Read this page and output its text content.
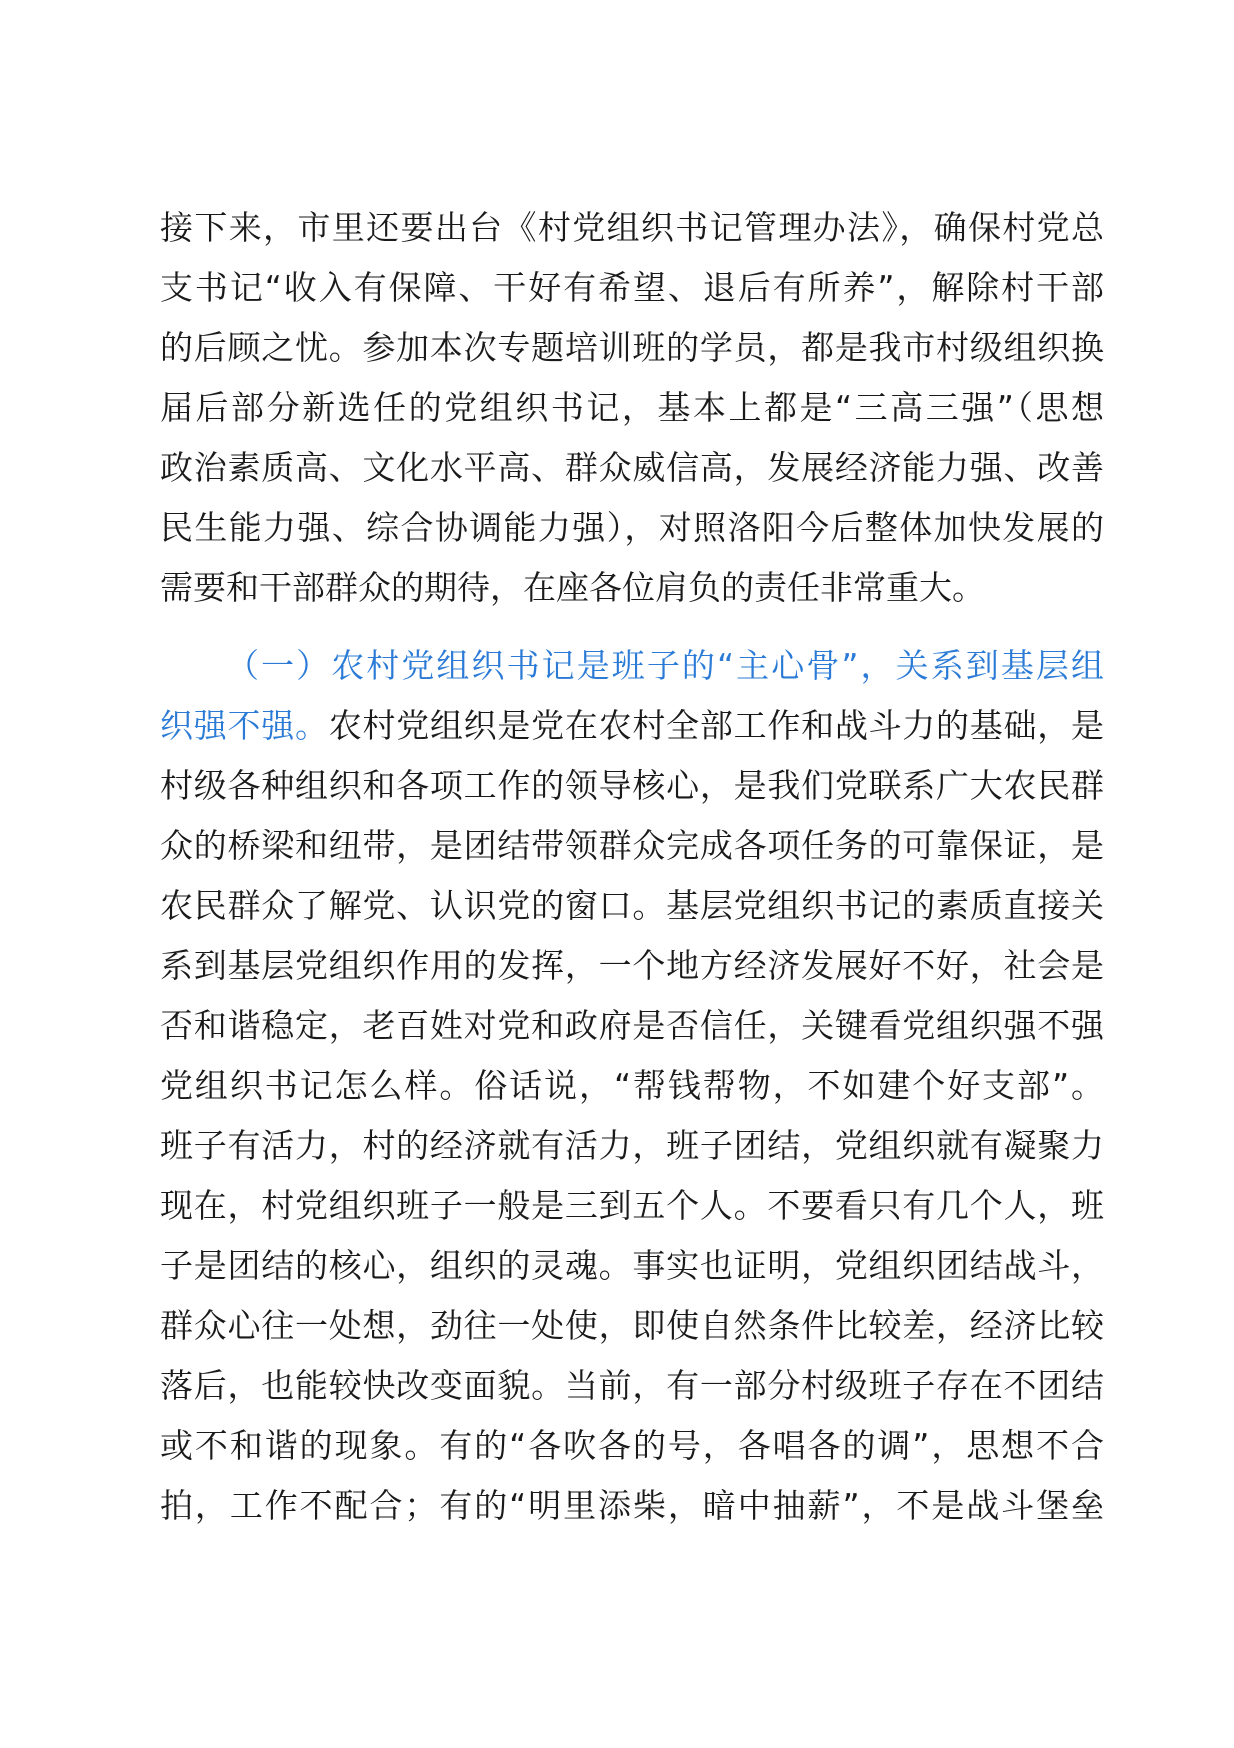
接下来，市里还要出台《村党组织书记管理办法》，确保村党总
支书记“收入有保障、干好有希望、退后有所养”，解除村干部
的后顾之忧。参加本次专题培训班的学员，都是我市村级组织换
届后部分新选任的党组织书记，基本上都是“三高三强”（思想
政治素质高、文化水平高、群众威信高，发展经济能力强、改善
民生能力强、综合协调能力强），对照洛阳今后整体加快发展的
需要和干部群众的期待，在座各位肩负的责任非常重大。
（一）农村党组织书记是班子的“主心骨”，关系到基层组
织强不强。农村党组织是党在农村全部工作和战斗力的基础，是
村级各种组织和各项工作的领导核心，是我们党联系广大农民群
众的桥梁和纽带，是团结带领群众完成各项任务的可靠保证，是
农民群众了解党、认识党的窗口。基层党组织书记的素质直接关
系到基层党组织作用的发挥，一个地方经济发展好不好，社会是
否和谐稳定，老百姓对党和政府是否信任，关键看党组织强不强
党组织书记怎么样。俗话说，“帮钱帮物，不如建个好支部”。
班子有活力，村的经济就有活力，班子团结，党组织就有凝聚力
现在，村党组织班子一般是三到五个人。不要看只有几个人，班
子是团结的核心，组织的灵魂。事实也证明，党组织团结战斗，
群众心往一处想，劲往一处使，即使自然条件比较差，经济比较
落后，也能较快改变面貌。当前，有一部分村级班子存在不团结
或不和谐的现象。有的“各吹各的号，各唱各的调”，思想不合
拍，工作不配合；有的“明里添柴，暗中抽薪”，不是战斗堡垒
